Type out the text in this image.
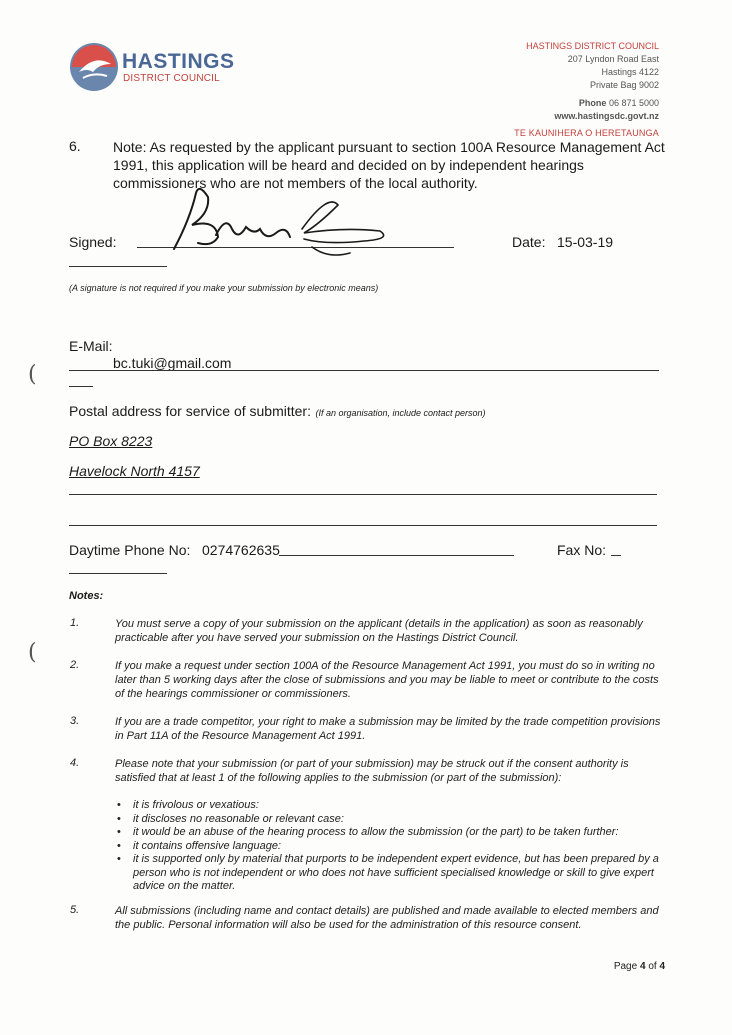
HASTINGS
DISTRICT COUNCIL
HASTINGS DISTRICT COUNCIL
207 Lyndon Road East
Hastings 4122
Private Bag 9002
Phone 06 871 5000
www.hastingsdc.govt.nz
TE KAUNIHERA O HERETAUNGA
6. Note: As requested by the applicant pursuant to section 100A Resource Management Act 1991, this application will be heard and decided on by independent hearings commissioners who are not members of the local authority.
Signed:	Date: 15-03-19
(A signature is not required if you make your submission by electronic means)
E-Mail:
bc.tuki@gmail.com
Postal address for service of submitter: (If an organisation, include contact person)
PO Box 8223
Havelock North 4157
Daytime Phone No: 0274762635	Fax No:
Notes:
1.	You must serve a copy of your submission on the applicant (details in the application) as soon as reasonably practicable after you have served your submission on the Hastings District Council.
2.	If you make a request under section 100A of the Resource Management Act 1991, you must do so in writing no later than 5 working days after the close of submissions and you may be liable to meet or contribute to the costs of the hearings commissioner or commissioners.
3.	If you are a trade competitor, your right to make a submission may be limited by the trade competition provisions in Part 11A of the Resource Management Act 1991.
4.	Please note that your submission (or part of your submission) may be struck out if the consent authority is satisfied that at least 1 of the following applies to the submission (or part of the submission):
• it is frivolous or vexatious:
• it discloses no reasonable or relevant case:
• it would be an abuse of the hearing process to allow the submission (or the part) to be taken further:
• it contains offensive language:
• it is supported only by material that purports to be independent expert evidence, but has been prepared by a person who is not independent or who does not have sufficient specialised knowledge or skill to give expert advice on the matter.
5.	All submissions (including name and contact details) are published and made available to elected members and the public. Personal information will also be used for the administration of this resource consent.
Page 4 of 4
(
(
